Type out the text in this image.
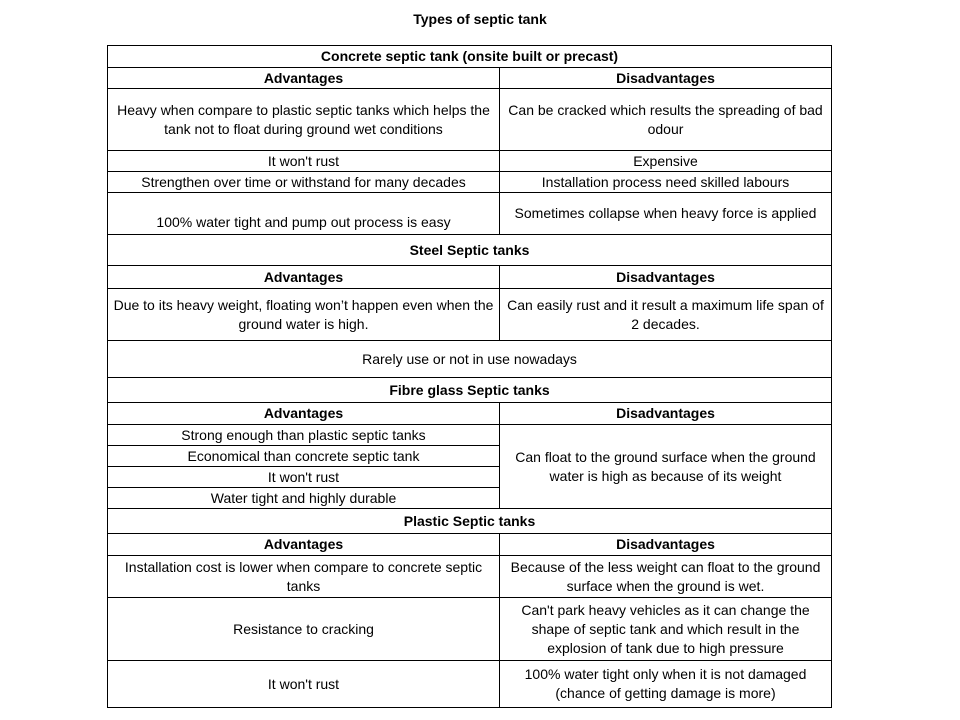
Types of septic tank
Concrete septic tank (onsite built or precast)	
Advantages	Disadvantages
Heavy when compare to plastic septic tanks which helps the tank not to float during ground wet conditions	Can be cracked which results the spreading of bad odour
It won't rust	Expensive
Strengthen over time or withstand for many decades	Installation process need skilled labours
100% water tight and pump out process is easy	Sometimes collapse when heavy force is applied
Steel Septic tanks	
Advantages	Disadvantages
Due to its heavy weight, floating won’t happen even when the ground water is high.	Can easily rust and it result a maximum life span of 2 decades.
Rarely use or not in use nowadays	
Fibre glass Septic tanks	
Advantages	Disadvantages
Strong enough than plastic septic tanks	Can float to the ground surface when the ground water is high as because of its weight
Economical than concrete septic tank	
It won't rust	
Water tight and highly durable	
Plastic Septic tanks	
Advantages	Disadvantages
Installation cost is lower when compare to concrete septic tanks	Because of the less weight can float to the ground surface when the ground is wet.
Resistance to cracking	Can't park heavy vehicles as it can change the shape of septic tank and which result in the explosion of tank due to high pressure
It won't rust	100% water tight only when it is not damaged (chance of getting damage is more)
